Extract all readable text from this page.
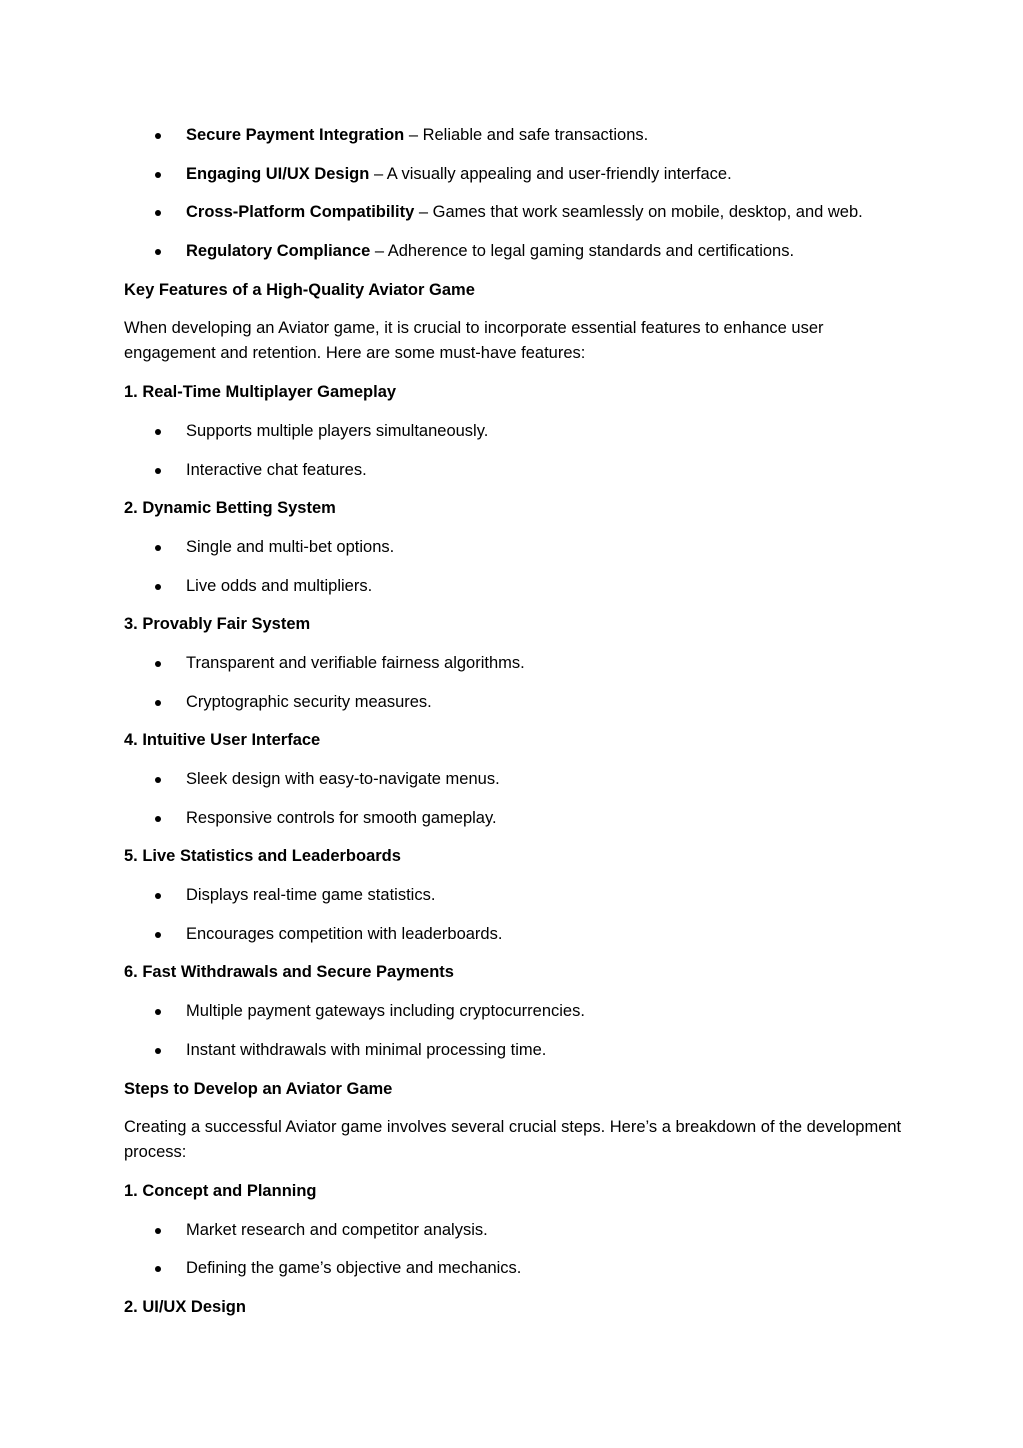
Secure Payment Integration – Reliable and safe transactions.
Engaging UI/UX Design – A visually appealing and user-friendly interface.
Cross-Platform Compatibility – Games that work seamlessly on mobile, desktop, and web.
Regulatory Compliance – Adherence to legal gaming standards and certifications.
Key Features of a High-Quality Aviator Game
When developing an Aviator game, it is crucial to incorporate essential features to enhance user engagement and retention. Here are some must-have features:
1. Real-Time Multiplayer Gameplay
Supports multiple players simultaneously.
Interactive chat features.
2. Dynamic Betting System
Single and multi-bet options.
Live odds and multipliers.
3. Provably Fair System
Transparent and verifiable fairness algorithms.
Cryptographic security measures.
4. Intuitive User Interface
Sleek design with easy-to-navigate menus.
Responsive controls for smooth gameplay.
5. Live Statistics and Leaderboards
Displays real-time game statistics.
Encourages competition with leaderboards.
6. Fast Withdrawals and Secure Payments
Multiple payment gateways including cryptocurrencies.
Instant withdrawals with minimal processing time.
Steps to Develop an Aviator Game
Creating a successful Aviator game involves several crucial steps. Here’s a breakdown of the development process:
1. Concept and Planning
Market research and competitor analysis.
Defining the game’s objective and mechanics.
2. UI/UX Design
